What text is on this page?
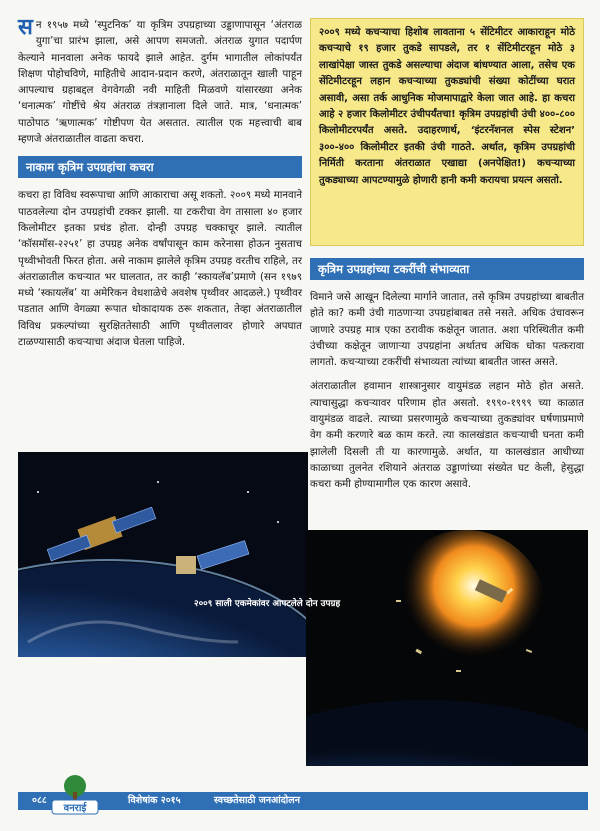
सन १९५७ मध्ये ‘स्पुटनिक’ या कृत्रिम उपग्रहाच्या उड्डाणापासून ‘अंतराळ युगा’चा प्रारंभ झाला, असे आपण समजतो. अंतराळ युगात पदार्पण केल्याने मानवाला अनेक फायदे झाले आहेत. दुर्गम भागातील लोकांपर्यंत शिक्षण पोहोचविणे, माहितीचे आदान-प्रदान करणे, अंतराळातून खाली पाहून आपल्याच ग्रहाबद्दल वेगवेगळी नवी माहिती मिळवणे यांसारख्या अनेक ‘धनात्मक’ गोष्टींचे श्रेय अंतराळ तंत्रज्ञानाला दिले जाते. मात्र, ‘धनात्मक’ पाठोपाठ ‘ऋणात्मक’ गोष्टीपण येत असतात. त्यातील एक महत्त्वाची बाब म्हणजे अंतराळातील वाढता कचरा.

नाकाम कृत्रिम उपग्रहांचा कचरा

कचरा हा विविध स्वरूपाचा आणि आकाराचा असू शकतो. २००९ मध्ये मानवाने पाठवलेल्या दोन उपग्रहांची टक्कर झाली. या टकरीचा वेग तासाला ४० हजार किलोमीटर इतका प्रचंड होता. दोन्ही उपग्रह चक्काचूर झाले. त्यातील ‘कॉसमॉस-२२५१’ हा उपग्रह अनेक वर्षांपासून काम करेनासा होऊन नुसताच पृथ्वीभोवती फिरत होता. असे नाकाम झालेले कृत्रिम उपग्रह वरतीच राहिले, तर अंतराळातील कचऱ्यात भर घालतात, तर काही ‘स्कायलॅब’प्रमाणे (सन १९७९ मध्ये ‘स्कायलॅब’ या अमेरिकन वेधशाळेचे अवशेष पृथ्वीवर आदळले.) पृथ्वीवर पडतात आणि वेगळ्या रूपात धोकादायक ठरू शकतात, तेव्हा अंतराळातील विविध प्रकल्पांच्या सुरक्षिततेसाठी आणि पृथ्वीतलावर होणारे अपघात टाळण्यासाठी कचऱ्याचा अंदाज घेतला पाहिजे.

२००९ मध्ये कचऱ्याचा हिशोब लावताना ५ सेंटिमीटर आकाराहून मोठे कचऱ्याचे १९ हजार तुकडे सापडले, तर १ सेंटिमीटरहून मोठे ३ लाखांपेक्षा जास्त तुकडे असल्याचा अंदाज बांधण्यात आला, तसेच एक सेंटिमीटरहून लहान कचऱ्याच्या तुकड्यांची संख्या कोटींच्या घरात असावी, असा तर्क आधुनिक मोजमापाद्वारे केला जात आहे. हा कचरा आहे २ हजार किलोमीटर उंचीपर्यंतचा! कृत्रिम उपग्रहांची उंची ४००-८०० किलोमीटरपर्यंत असते. उदाहरणार्थ, ‘इंटरनॅशनल स्पेस स्टेशन’ ३००-४०० किलोमीटर इतकी उंची गाठते. अर्थात, कृत्रिम उपग्रहांची निर्मिती करताना अंतराळात एखाद्या (अनपेक्षित!) कचऱ्याच्या तुकड्याच्या आपटण्यामुळे होणारी हानी कमी करायचा प्रयत्न असतो.
कृत्रिम उपग्रहांच्या टकरींची संभाव्यता

विमाने जसे आखून दिलेल्या मार्गाने जातात, तसे कृत्रिम उपग्रहांच्या बाबतीत होते का? कमी उंची गाठणाऱ्या उपग्रहांबाबत तसे नसते. अधिक उंचावरून जाणारे उपग्रह मात्र एका ठरावीक कक्षेतून जातात. अशा परिस्थितीत कमी उंचीच्या कक्षेतून जाणाऱ्या उपग्रहांना अर्थातच अधिक धोका पत्करावा लागतो. कचऱ्याच्या टकरींची संभाव्यता त्यांच्या बाबतीत जास्त असते.

अंतराळातील हवामान शास्त्रानुसार वायुमंडळ लहान मोठे होत असते. त्याचासुद्धा कचऱ्यावर परिणाम होत असतो. १९९०-१९९९ च्या काळात वायुमंडळ वाढले. त्याच्या प्रसरणामुळे कचऱ्याच्या तुकड्यांवर घर्षणाप्रमाणे वेग कमी करणारे बळ काम करते. त्या कालखंडात कचऱ्याची घनता कमी झालेली दिसली ती या कारणामुळे. अर्थात, या कालखंडात आधीच्या काळाच्या तुलनेत रशियाने अंतराळ उड्डाणांच्या संख्येत घट केली, हेसुद्धा कचरा कमी होण्यामागील एक कारण असावे.

२००९ साली एकमेकांवर आपटलेले दोन उपग्रह
०८८	विशेषांक २०१५	स्वच्छतेसाठी जनआंदोलन
वनराई
